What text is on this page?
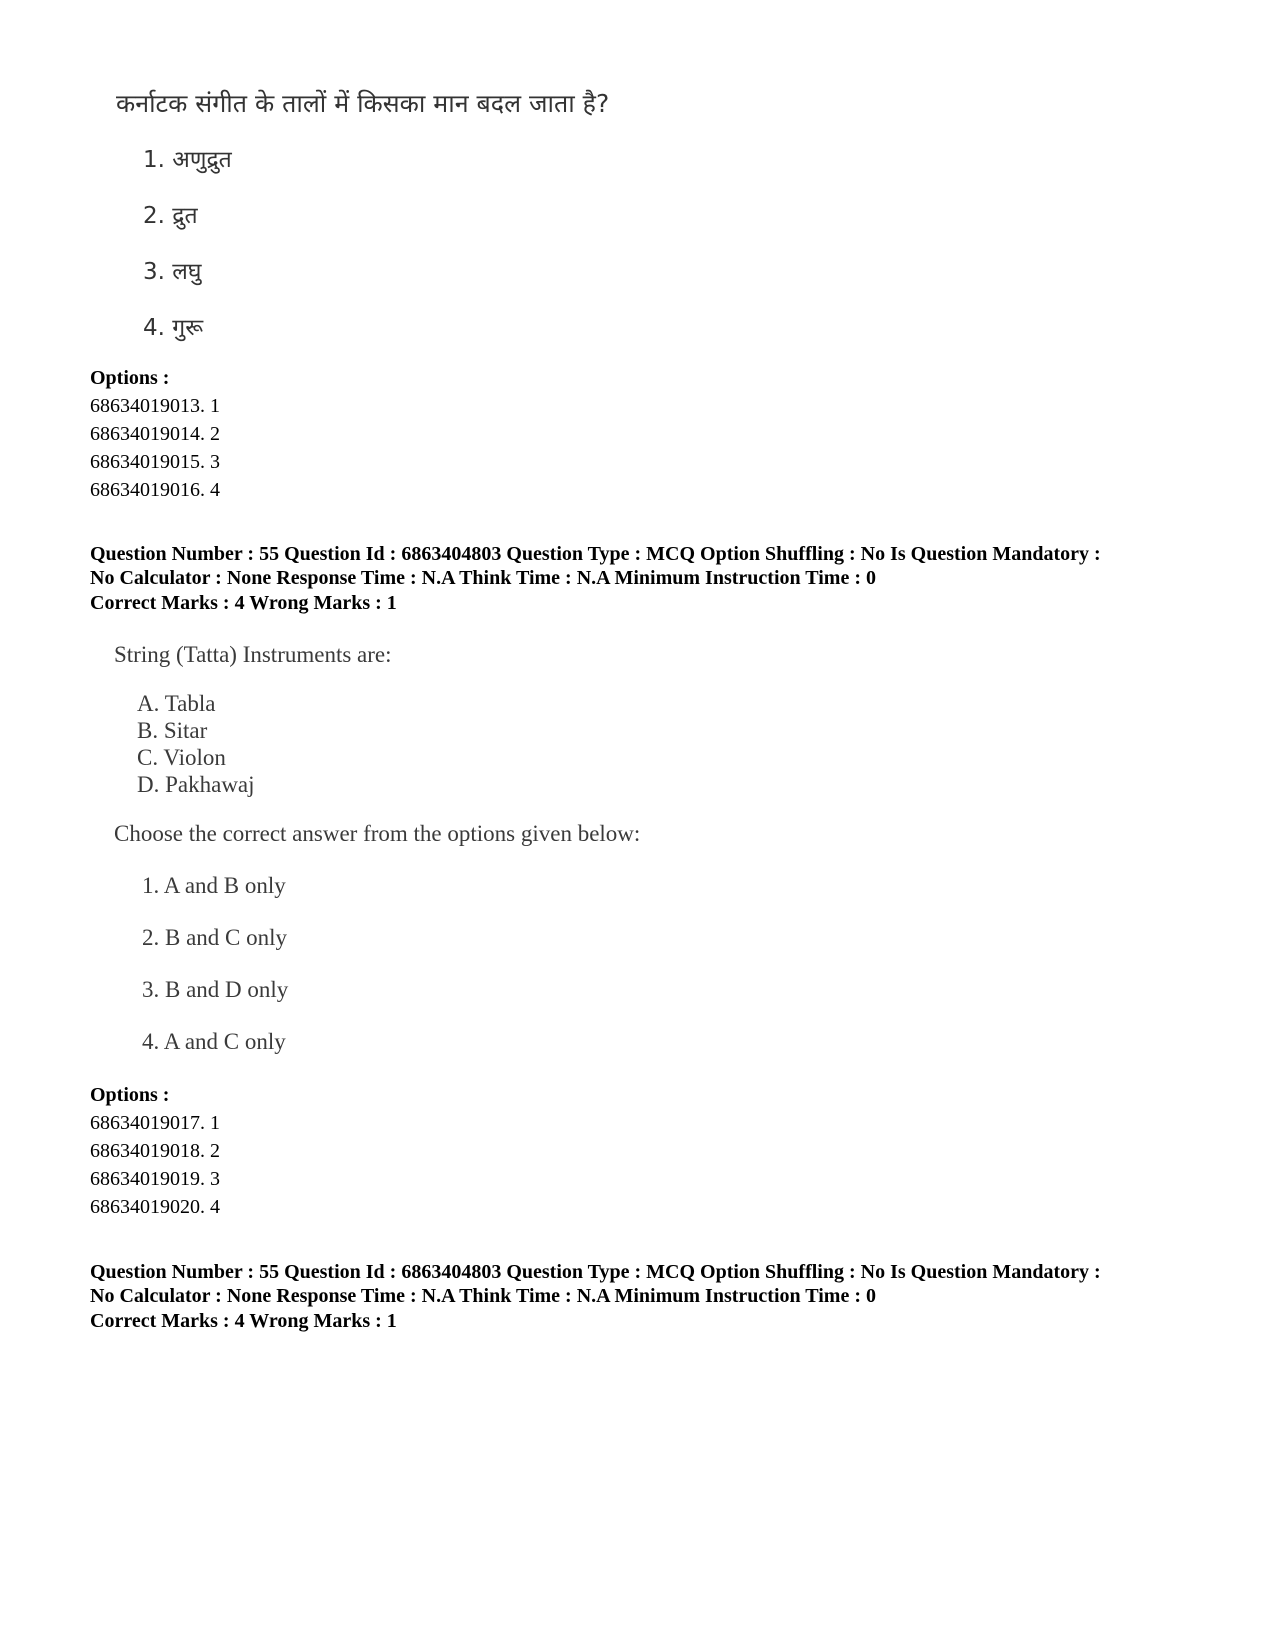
कर्नाटक संगीत के तालों में किसका मान बदल जाता है?
1. अणुद्रुत
2. द्रुत
3. लघु
4. गुरू
Options :
68634019013. 1
68634019014. 2
68634019015. 3
68634019016. 4
Question Number : 55 Question Id : 6863404803 Question Type : MCQ Option Shuffling : No Is Question Mandatory :
No Calculator : None Response Time : N.A Think Time : N.A Minimum Instruction Time : 0
Correct Marks : 4 Wrong Marks : 1
String (Tatta) Instruments are:
A. Tabla
B. Sitar
C. Violon
D. Pakhawaj
Choose the correct answer from the options given below:
1. A and B only
2. B and C only
3. B and D only
4. A and C only
Options :
68634019017. 1
68634019018. 2
68634019019. 3
68634019020. 4
Question Number : 55 Question Id : 6863404803 Question Type : MCQ Option Shuffling : No Is Question Mandatory :
No Calculator : None Response Time : N.A Think Time : N.A Minimum Instruction Time : 0
Correct Marks : 4 Wrong Marks : 1
